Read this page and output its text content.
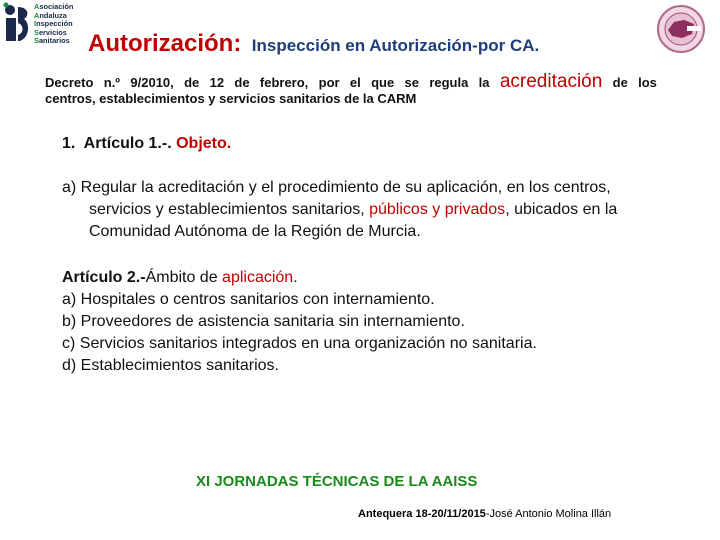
Asociación
Andaluza
Inspección
Servicios
Sanitarios Autorización: Inspección en Autorización-por CA.
Decreto n.º 9/2010, de 12 de febrero, por el que se regula la acreditación de los
centros, establecimientos y servicios sanitarios de la CARM
1.  Artículo 1.-. Objeto.
a) Regular la acreditación y el procedimiento de su aplicación, en los centros,
servicios y establecimientos sanitarios, públicos y privados, ubicados en la
Comunidad Autónoma de la Región de Murcia.
Artículo 2.-Ámbito de aplicación.
a) Hospitales o centros sanitarios con internamiento.
b) Proveedores de asistencia sanitaria sin internamiento.
c) Servicios sanitarios integrados en una organización no sanitaria.
d) Establecimientos sanitarios.
XI JORNADAS TÉCNICAS DE LA AAISS
Antequera 18-20/11/2015-José Antonio Molina Illán
